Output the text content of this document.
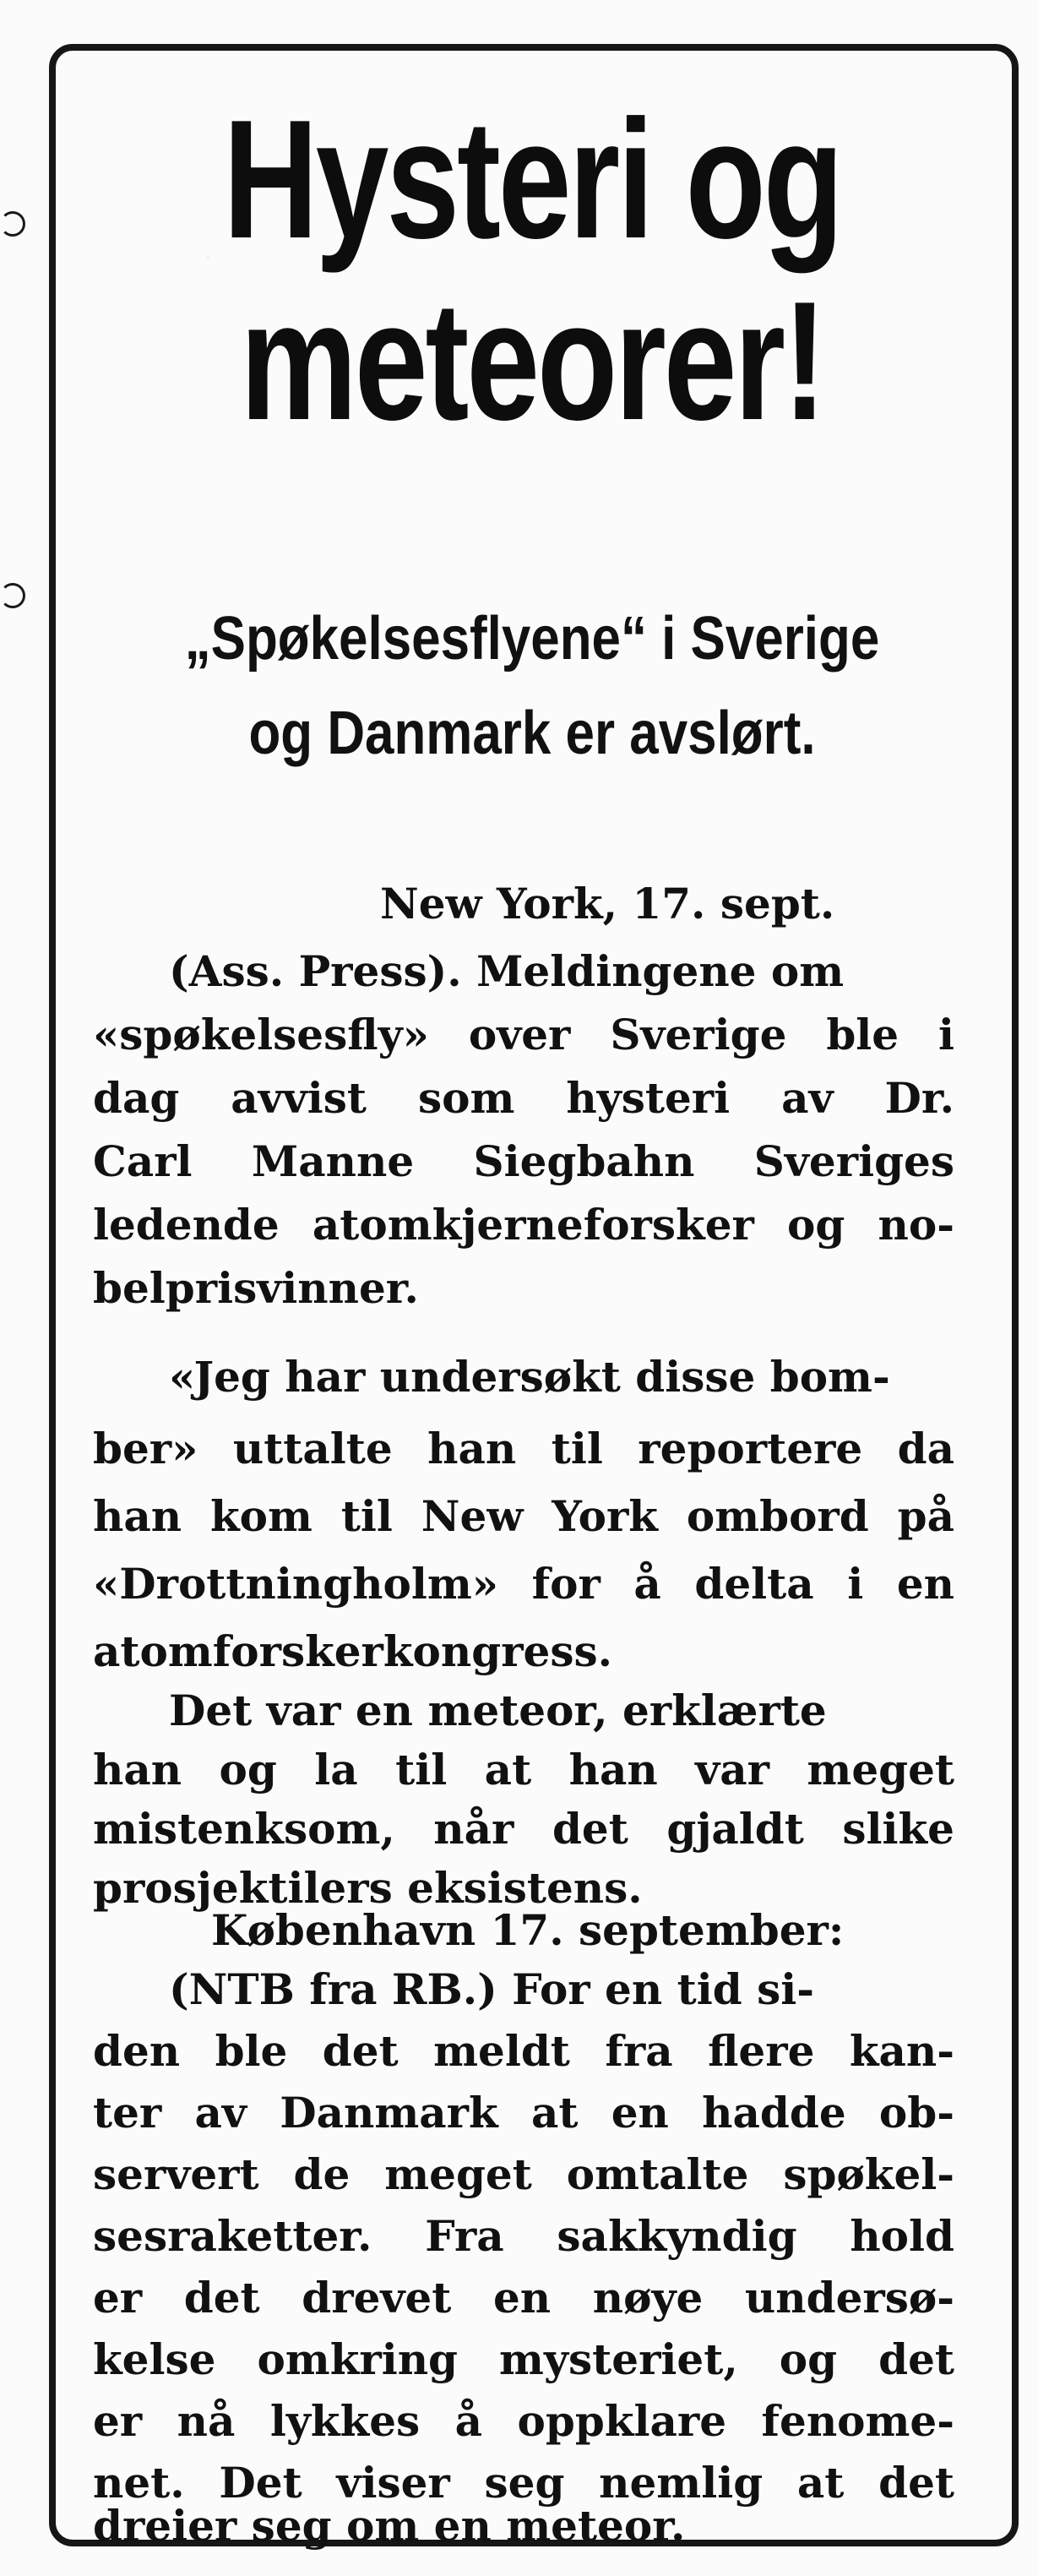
Hysteri og
meteorer!
„Spøkelsesflyene“ i Sverige
og Danmark er avslørt.
New York, 17. sept.
(Ass. Press). Meldingene om
«spøkelsesfly» over Sverige ble i
dag avvist som hysteri av Dr.
Carl Manne Siegbahn Sveriges
ledende atomkjerneforsker og no-
belprisvinner.
«Jeg har undersøkt disse bom-
ber» uttalte han til reportere da
han kom til New York ombord på
«Drottningholm» for å delta i en
atomforskerkongress.
Det var en meteor, erklærte
han og la til at han var meget
mistenksom, når det gjaldt slike
prosjektilers eksistens.
København 17. september:
(NTB fra RB.) For en tid si-
den ble det meldt fra flere kan-
ter av Danmark at en hadde ob-
servert de meget omtalte spøkel-
sesraketter. Fra sakkyndig hold
er det drevet en nøye undersø-
kelse omkring mysteriet, og det
er nå lykkes å oppklare fenome-
net. Det viser seg nemlig at det
dreier seg om en meteor.
